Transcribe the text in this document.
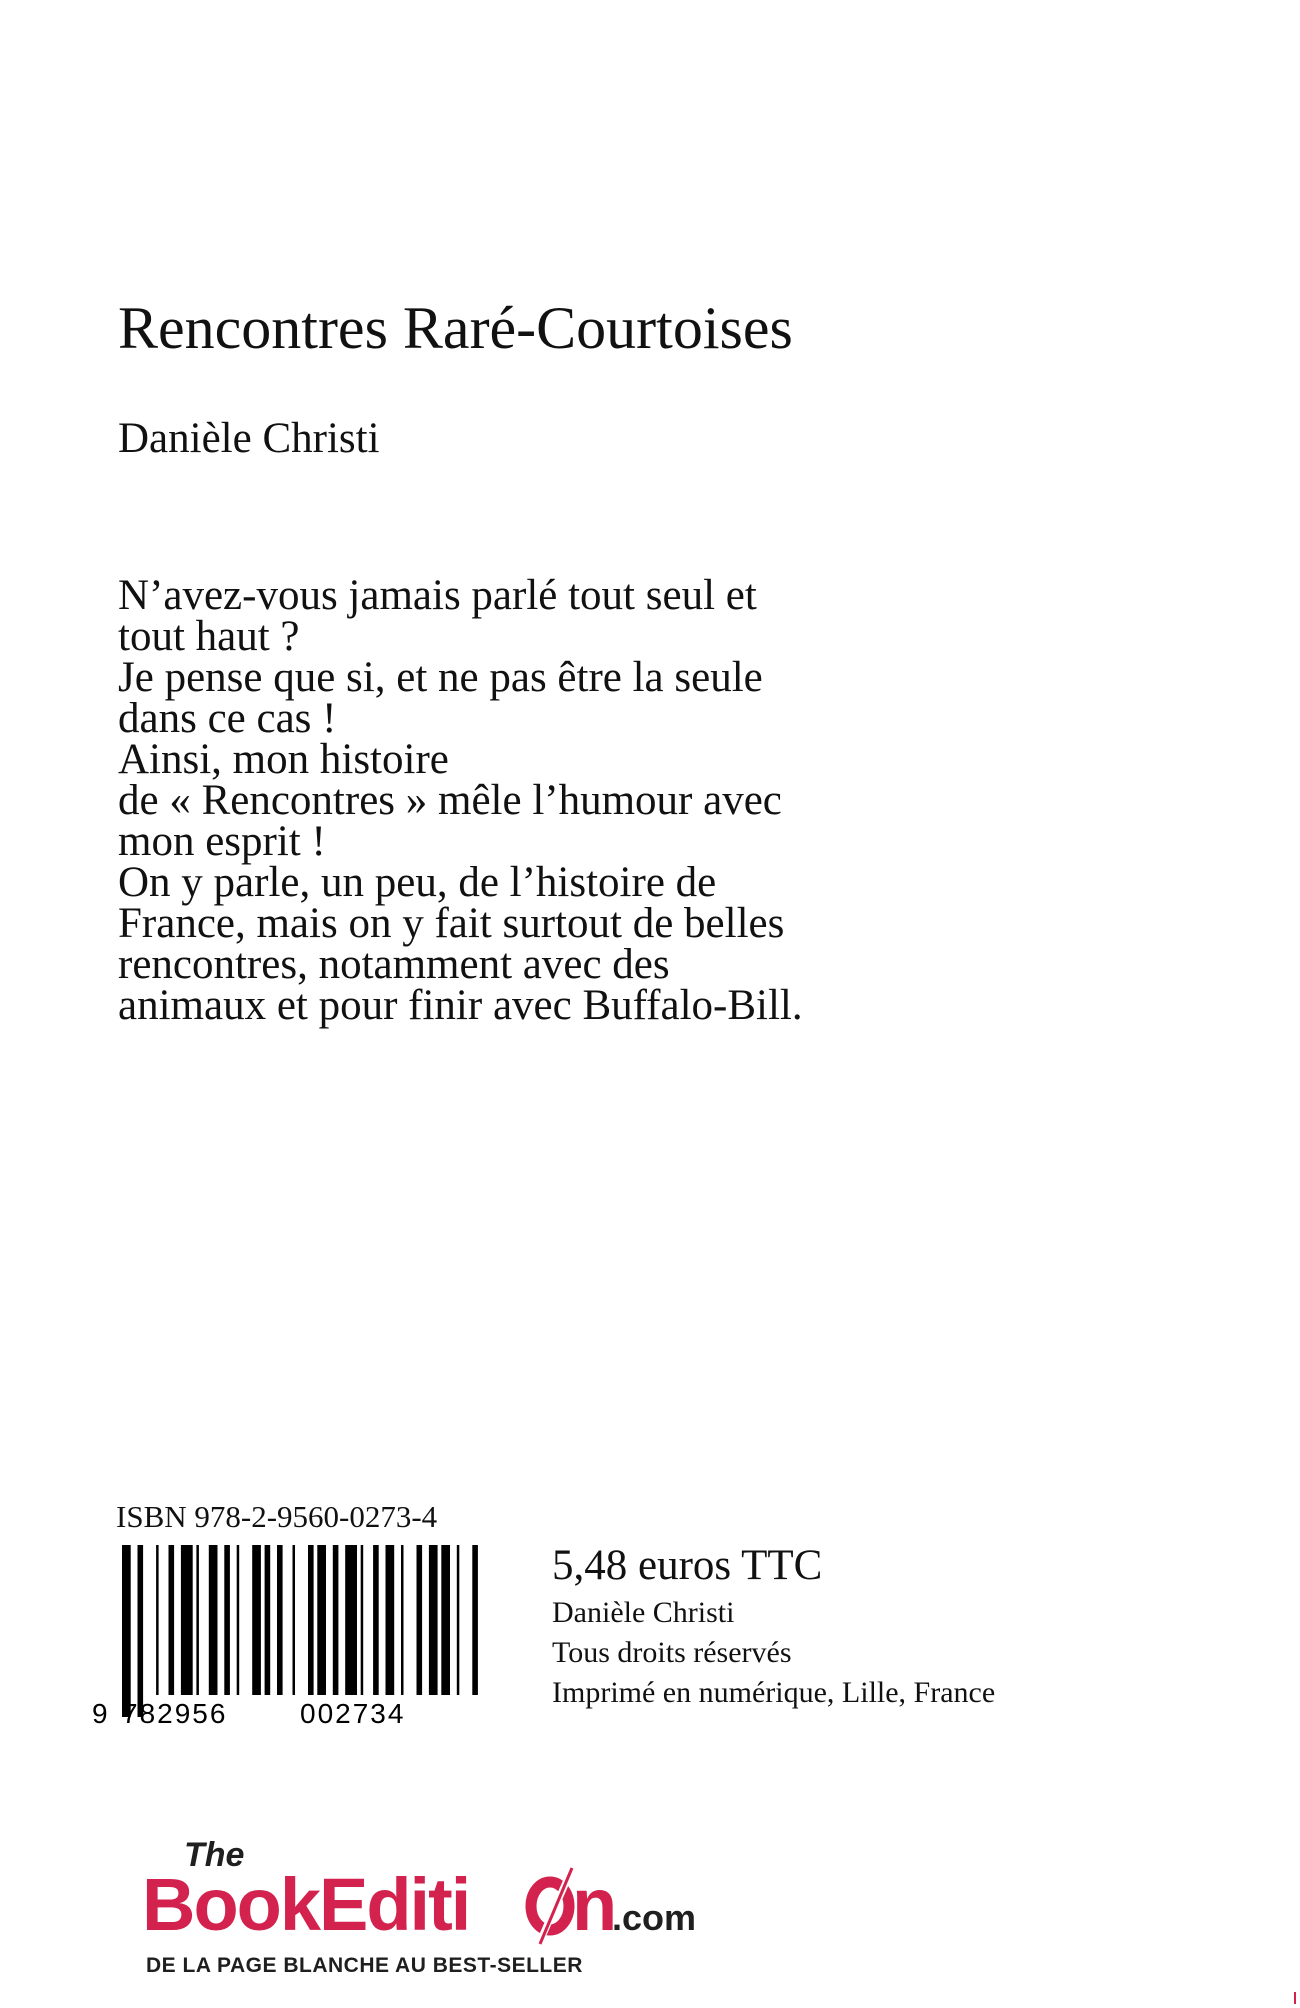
Rencontres Raré-Courtoises
Danièle Christi

N’avez-vous jamais parlé tout seul et

tout haut ?

Je pense que si, et ne pas être la seule

dans ce cas !

Ainsi, mon histoire

de « Rencontres » mêle l’humour avec

mon esprit !

On y parle, un peu, de l’histoire de

France, mais on y fait surtout de belles

rencontres, notamment avec des

animaux et pour finir avec Buffalo-Bill.

ISBN 978-2-9560-0273-4
9 782956	002734
5,48 euros TTC
Danièle Christi
Tous droits réservés
Imprimé en numérique, Lille, France
The
BookEditi n
.com
DE LA PAGE BLANCHE AU BEST-SELLER
